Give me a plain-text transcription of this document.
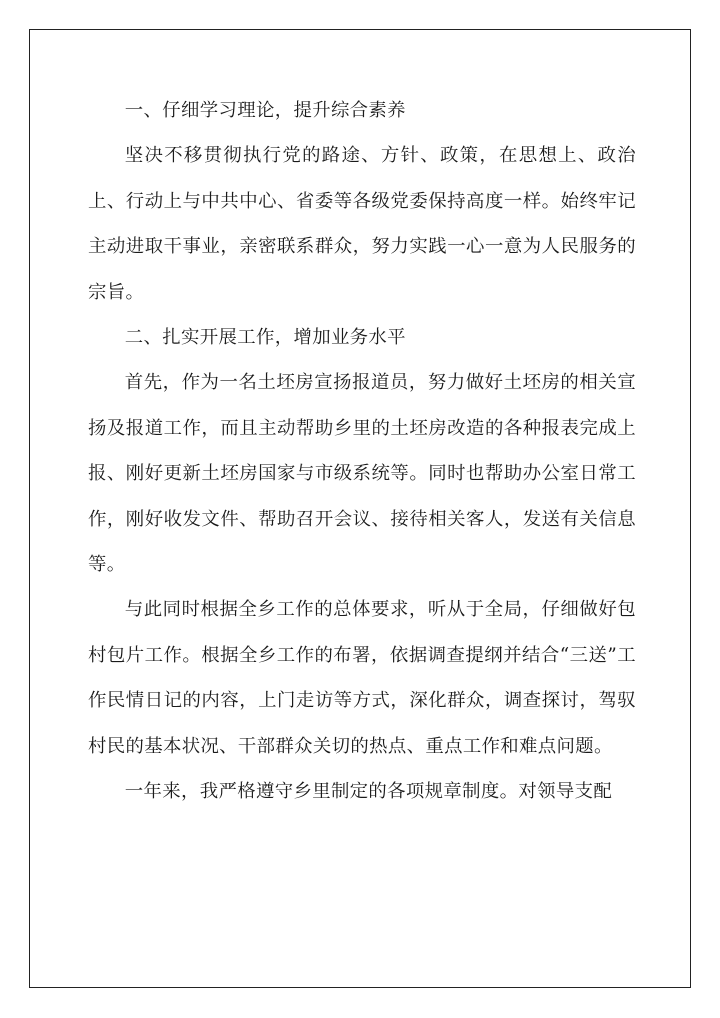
一、仔细学习理论，提升综合素养

坚决不移贯彻执行党的路途、方针、政策，在思想上、政治上、行动上与中共中心、省委等各级党委保持高度一样。始终牢记主动进取干事业，亲密联系群众，努力实践一心一意为人民服务的宗旨。

二、扎实开展工作，增加业务水平

首先，作为一名土坯房宣扬报道员，努力做好土坯房的相关宣扬及报道工作，而且主动帮助乡里的土坯房改造的各种报表完成上报、刚好更新土坯房国家与市级系统等。同时也帮助办公室日常工作，刚好收发文件、帮助召开会议、接待相关客人，发送有关信息等。

与此同时根据全乡工作的总体要求，听从于全局，仔细做好包村包片工作。根据全乡工作的布署，依据调查提纲并结合“三送”工作民情日记的内容，上门走访等方式，深化群众，调查探讨，驾驭村民的基本状况、干部群众关切的热点、重点工作和难点问题。

一年来，我严格遵守乡里制定的各项规章制度。对领导支配
